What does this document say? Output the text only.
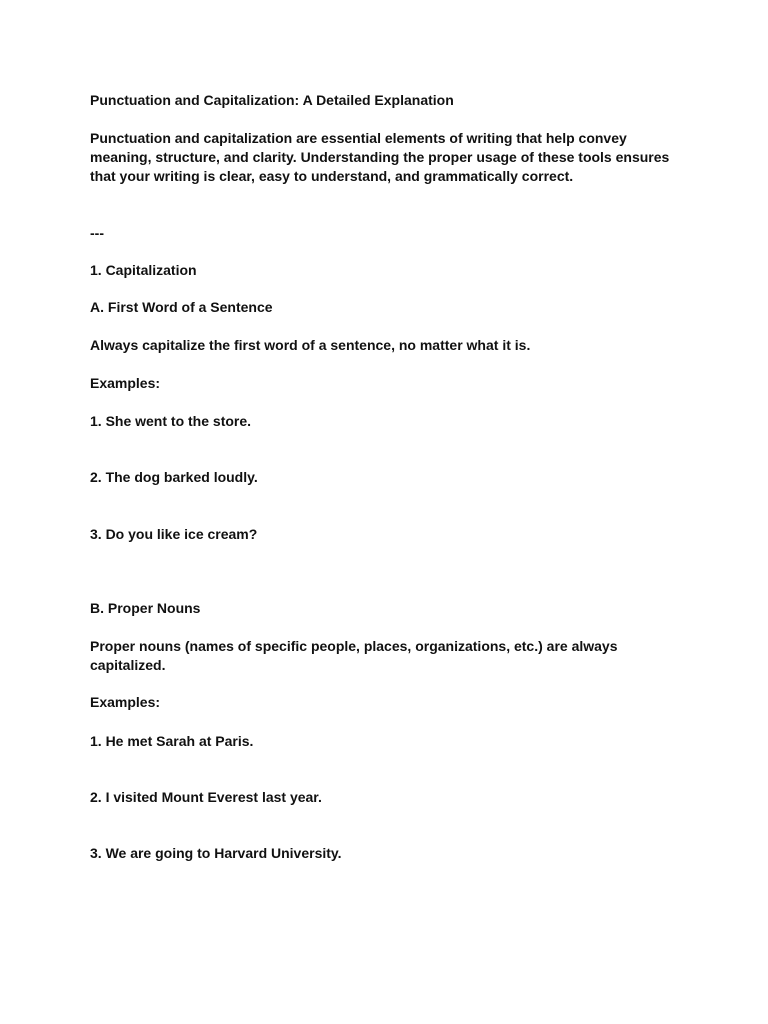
Punctuation and Capitalization: A Detailed Explanation

Punctuation and capitalization are essential elements of writing that help convey meaning, structure, and clarity. Understanding the proper usage of these tools ensures that your writing is clear, easy to understand, and grammatically correct.

---

1. Capitalization

A. First Word of a Sentence

Always capitalize the first word of a sentence, no matter what it is.

Examples:

1. She went to the store.

2. The dog barked loudly.

3. Do you like ice cream?

B. Proper Nouns

Proper nouns (names of specific people, places, organizations, etc.) are always capitalized.

Examples:

1. He met Sarah at Paris.

2. I visited Mount Everest last year.

3. We are going to Harvard University.
